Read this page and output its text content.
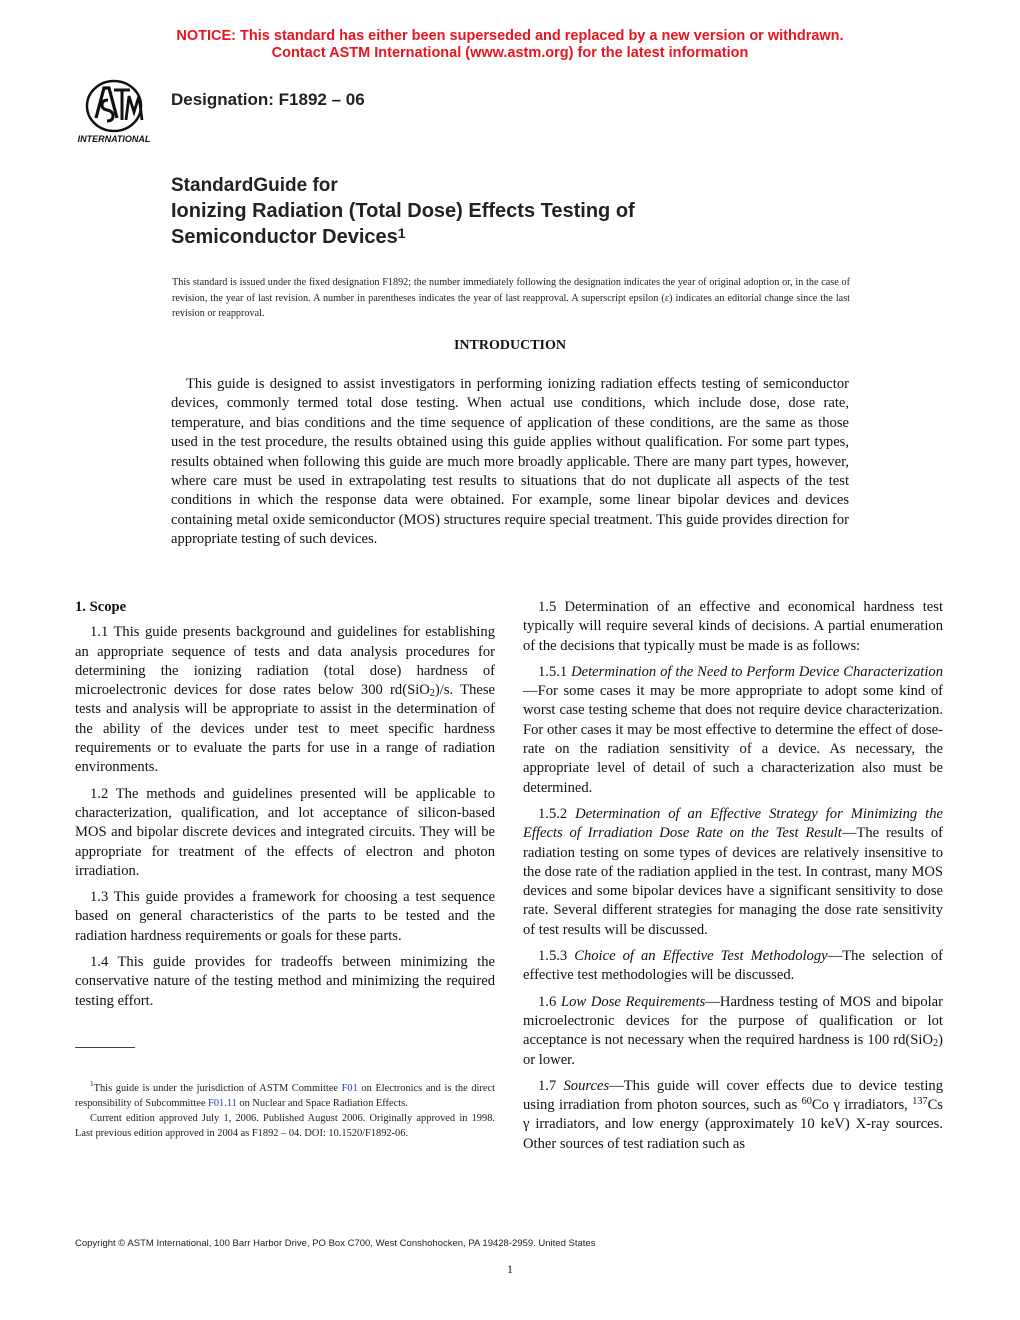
NOTICE: This standard has either been superseded and replaced by a new version or withdrawn.
Contact ASTM International (www.astm.org) for the latest information
INTERNATIONAL
Designation: F1892 – 06
StandardGuide for
Ionizing Radiation (Total Dose) Effects Testing of
Semiconductor Devices$^1$
This standard is issued under the fixed designation F1892; the number immediately following the designation indicates the year of original adoption or, in the case of revision, the year of last revision. A number in parentheses indicates the year of last reapproval. A superscript epsilon (ε) indicates an editorial change since the last revision or reapproval.
INTRODUCTION

This guide is designed to assist investigators in performing ionizing radiation effects testing of semiconductor devices, commonly termed total dose testing. When actual use conditions, which include dose, dose rate, temperature, and bias conditions and the time sequence of application of these conditions, are the same as those used in the test procedure, the results obtained using this guide applies without qualification. For some part types, results obtained when following this guide are much more broadly applicable. There are many part types, however, where care must be used in extrapolating test results to situations that do not duplicate all aspects of the test conditions in which the response data were obtained. For example, some linear bipolar devices and devices containing metal oxide semiconductor (MOS) structures require special treatment. This guide provides direction for appropriate testing of such devices.

1. Scope

1.1 This guide presents background and guidelines for establishing an appropriate sequence of tests and data analysis procedures for determining the ionizing radiation (total dose) hardness of microelectronic devices for dose rates below 300 rd(SiO$_2$)/s. These tests and analysis will be appropriate to assist in the determination of the ability of the devices under test to meet specific hardness requirements or to evaluate the parts for use in a range of radiation environments.

1.2 The methods and guidelines presented will be applicable to characterization, qualification, and lot acceptance of silicon-based MOS and bipolar discrete devices and integrated circuits. They will be appropriate for treatment of the effects of electron and photon irradiation.

1.3 This guide provides a framework for choosing a test sequence based on general characteristics of the parts to be tested and the radiation hardness requirements or goals for these parts.

1.4 This guide provides for tradeoffs between minimizing the conservative nature of the testing method and minimizing the required testing effort.

$^1$This guide is under the jurisdiction of ASTM Committee F01 on Electronics and is the direct responsibility of Subcommittee F01.11 on Nuclear and Space Radiation Effects.

Current edition approved July 1, 2006. Published August 2006. Originally approved in 1998. Last previous edition approved in 2004 as F1892 – 04. DOI: 10.1520/F1892-06.

1.5 Determination of an effective and economical hardness test typically will require several kinds of decisions. A partial enumeration of the decisions that typically must be made is as follows:

1.5.1 Determination of the Need to Perform Device Characterization—For some cases it may be more appropriate to adopt some kind of worst case testing scheme that does not require device characterization. For other cases it may be most effective to determine the effect of dose-rate on the radiation sensitivity of a device. As necessary, the appropriate level of detail of such a characterization also must be determined.

1.5.2 Determination of an Effective Strategy for Minimizing the Effects of Irradiation Dose Rate on the Test Result—The results of radiation testing on some types of devices are relatively insensitive to the dose rate of the radiation applied in the test. In contrast, many MOS devices and some bipolar devices have a significant sensitivity to dose rate. Several different strategies for managing the dose rate sensitivity of test results will be discussed.

1.5.3 Choice of an Effective Test Methodology—The selection of effective test methodologies will be discussed.

1.6 Low Dose Requirements—Hardness testing of MOS and bipolar microelectronic devices for the purpose of qualification or lot acceptance is not necessary when the required hardness is 100 rd(SiO$_2$) or lower.

1.7 Sources—This guide will cover effects due to device testing using irradiation from photon sources, such as $^{60}$Co γ irradiators, $^{137}$Cs γ irradiators, and low energy (approximately 10 keV) X-ray sources. Other sources of test radiation such as

Copyright © ASTM International, 100 Barr Harbor Drive, PO Box C700, West Conshohocken, PA 19428-2959. United States
1
